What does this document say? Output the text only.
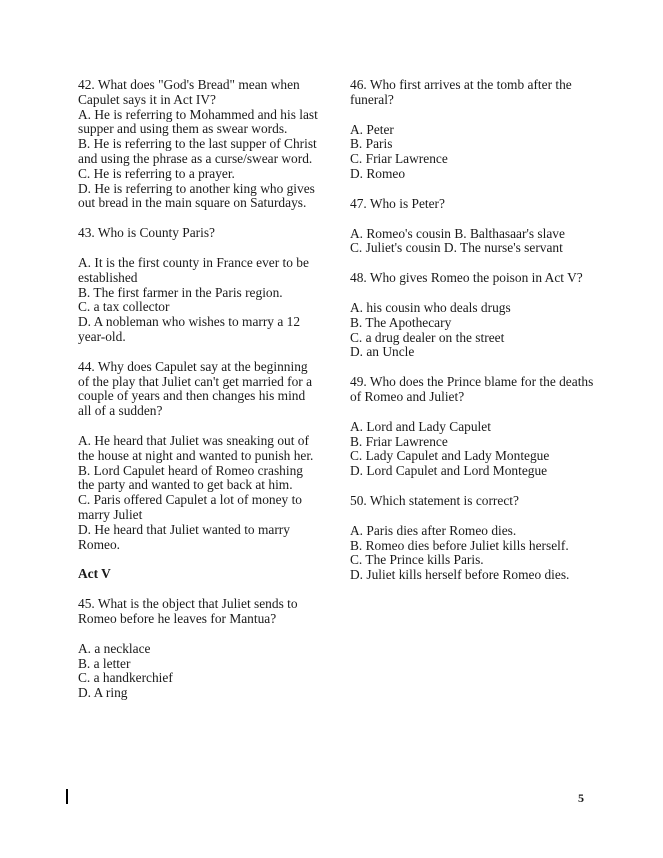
42. What does "God's Bread" mean when Capulet says it in Act IV?
A. He is referring to Mohammed and his last supper and using them as swear words.
B. He is referring to the last supper of Christ and using the phrase as a curse/swear word.
C. He is referring to a prayer.
D. He is referring to another king who gives out bread in the main square on Saturdays.
43. Who is County Paris?
A. It is the first county in France ever to be established
B. The first farmer in the Paris region.
C. a tax collector
D. A nobleman who wishes to marry a 12 year-old.
44. Why does Capulet say at the beginning of the play that Juliet can't get married for a couple of years and then changes his mind all of a sudden?
A. He heard that Juliet was sneaking out of the house at night and wanted to punish her.
B. Lord Capulet heard of Romeo crashing the party and wanted to get back at him.
C. Paris offered Capulet a lot of money to marry Juliet
D. He heard that Juliet wanted to marry Romeo.
Act V
45. What is the object that Juliet sends to Romeo before he leaves for Mantua?
A. a necklace
B. a letter
C. a handkerchief
D. A ring
46. Who first arrives at the tomb after the funeral?
A. Peter
B. Paris
C. Friar Lawrence
D. Romeo
47. Who is Peter?
A. Romeo's cousin B. Balthasaar's slave
C. Juliet's cousin D. The nurse's servant
48. Who gives Romeo the poison in Act V?
A. his cousin who deals drugs
B. The Apothecary
C. a drug dealer on the street
D. an Uncle
49. Who does the Prince blame for the deaths of Romeo and Juliet?
A. Lord and Lady Capulet
B. Friar Lawrence
C. Lady Capulet and Lady Montegue
D. Lord Capulet and Lord Montegue
50. Which statement is correct?
A. Paris dies after Romeo dies.
B. Romeo dies before Juliet kills herself.
C. The Prince kills Paris.
D. Juliet kills herself before Romeo dies.
5
